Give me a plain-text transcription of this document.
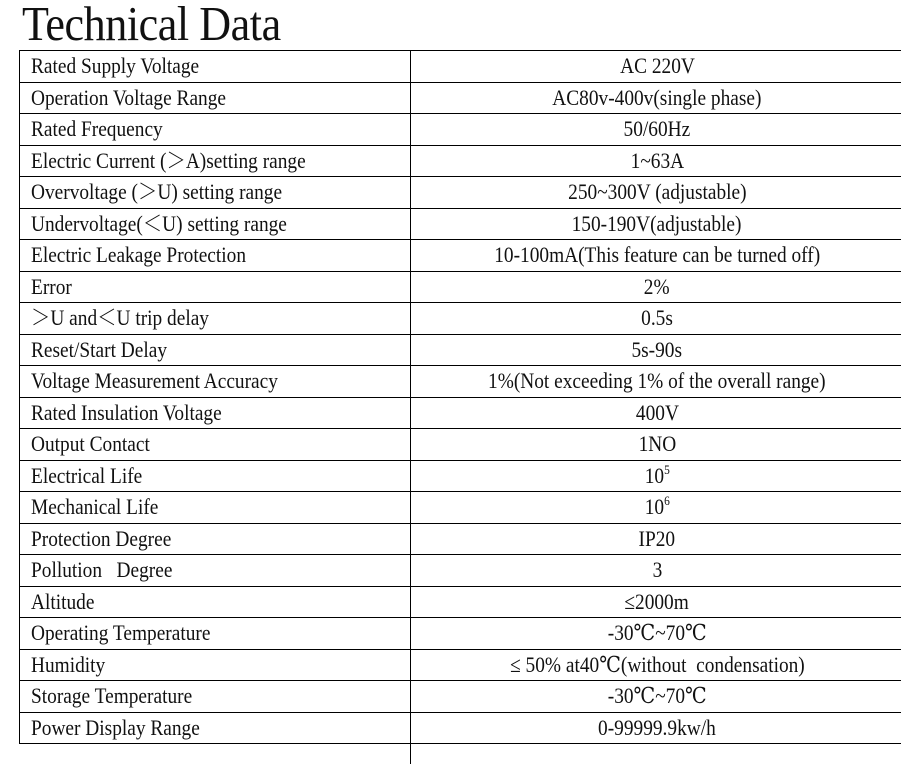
Technical Data
Rated Supply Voltage	AC 220V
Operation Voltage Range	AC80v-400v(single phase)
Rated Frequency	50/60Hz
Electric Current (＞A)setting range	1~63A
Overvoltage (＞U) setting range	250~300V (adjustable)
Undervoltage(＜U) setting range	150-190V(adjustable)
Electric Leakage Protection	10-100mA(This feature can be turned off)
Error	2%
＞U and＜U trip delay	0.5s
Reset/Start Delay	5s-90s
Voltage Measurement Accuracy	1%(Not exceeding 1% of the overall range)
Rated Insulation Voltage	400V
Output Contact	1NO
Electrical Life	$10^5$
Mechanical Life	$10^6$
Protection Degree	IP20
Pollution   Degree	3
Altitude	≤2000m
Operating Temperature	-30℃~70℃
Humidity	≤ 50% at40℃(without  condensation)
Storage Temperature	-30℃~70℃
Power Display Range	0-99999.9kw/h
